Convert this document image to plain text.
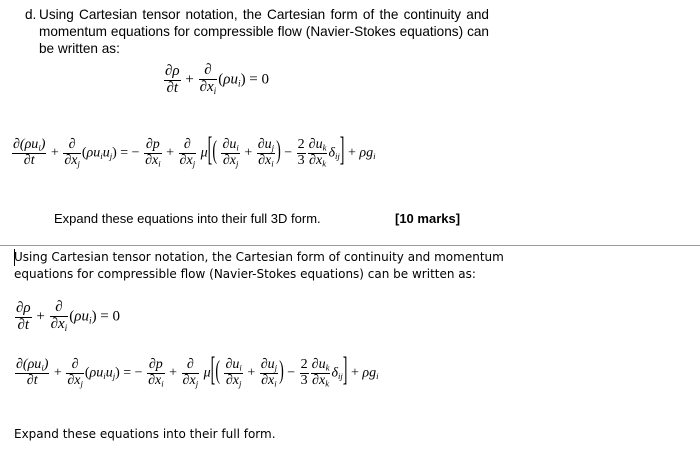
d. Using Cartesian tensor notation, the Cartesian form of the continuity and momentum equations for compressible flow (Navier-Stokes equations) can be written as:
$\frac{\partial\rho}{\partial t} + \frac{\partial}{\partial x_i} (\rho u_i) = 0$
$\frac{\partial(\rho u_i)}{\partial t} + \frac{\partial}{\partial x_j} (\rho u_iu_j)$ = − $\frac{\partial p}{\partial x_i} + \frac{\partial}{\partial x_j} \mu[( \frac{\partial u_i}{\partial x_j} + \frac{\partial u_j}{\partial x_i}$ ) − $\frac{2}{3} \frac{\partial u_k}{\partial x_k} \delta_{ij}] + \rho g_i$
Expand these equations into their full 3D form.	[10 marks]
Using Cartesian tensor notation, the Cartesian form of continuity and momentum equations for compressible flow (Navier-Stokes equations) can be written as:
$\frac{\partial\rho}{\partial t} + \frac{\partial}{\partial x_i} (\rho u_i) = 0$
$\frac{\partial(\rho u_i)}{\partial t} + \frac{\partial}{\partial x_j} (\rho u_iu_j)$ = − $\frac{\partial p}{\partial x_i} + \frac{\partial}{\partial x_j} \mu[( \frac{\partial u_i}{\partial x_j} + \frac{\partial u_j}{\partial x_i}$ ) − $\frac{2}{3} \frac{\partial u_k}{\partial x_k} \delta_{ij}] + \rho g_i$
Expand these equations into their full form.
